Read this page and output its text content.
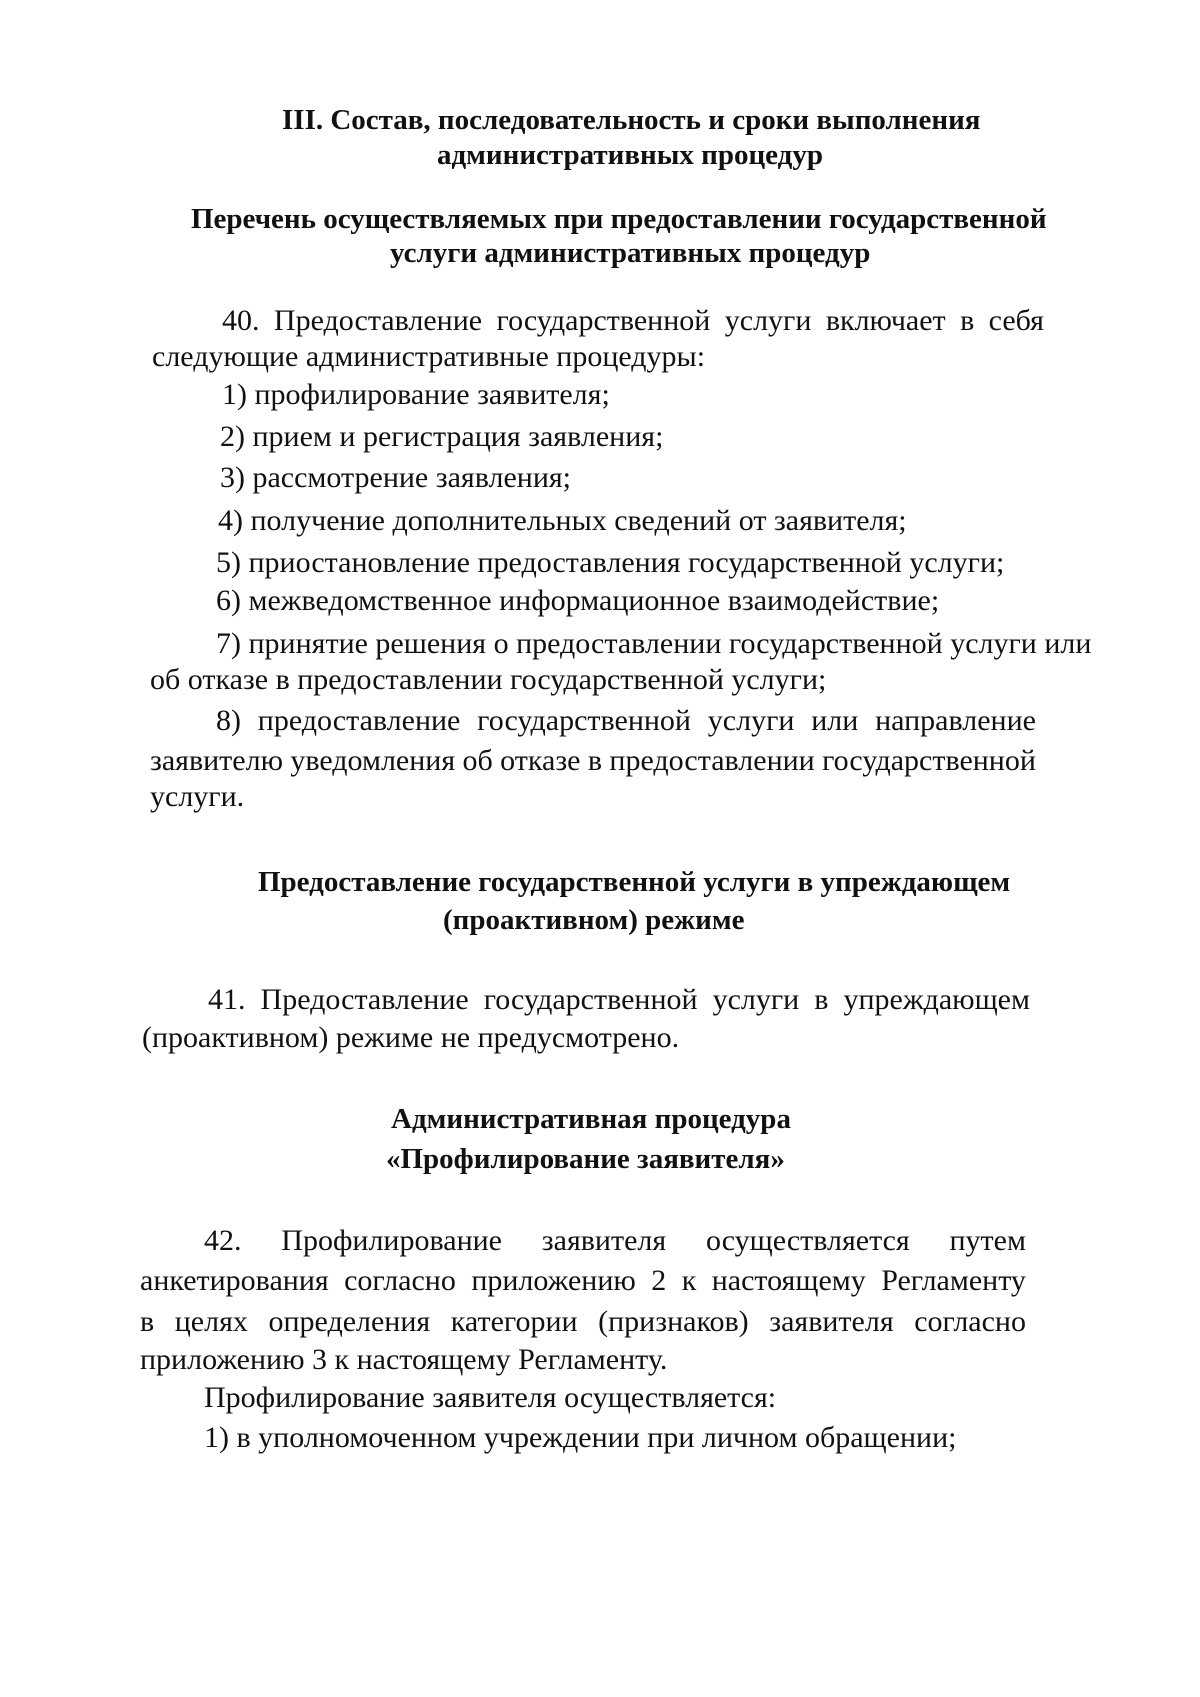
III. Состав, последовательность и сроки выполнения
административных процедур
Перечень осуществляемых при предоставлении государственной
услуги административных процедур
40. Предоставление государственной услуги включает в себя
следующие административные процедуры:
1) профилирование заявителя;
2) прием и регистрация заявления;
3) рассмотрение заявления;
4) получение дополнительных сведений от заявителя;
5) приостановление предоставления государственной услуги;
6) межведомственное информационное взаимодействие;
7) принятие решения о предоставлении государственной услуги или
об отказе в предоставлении государственной услуги;
8) предоставление государственной услуги или направление
заявителю уведомления об отказе в предоставлении государственной
услуги.
Предоставление государственной услуги в упреждающем
(проактивном) режиме
41. Предоставление государственной услуги в упреждающем
(проактивном) режиме не предусмотрено.
Административная процедура
«Профилирование заявителя»
42. Профилирование заявителя осуществляется путем
анкетирования согласно приложению 2 к настоящему Регламенту
в целях определения категории (признаков) заявителя согласно
приложению 3 к настоящему Регламенту.
Профилирование заявителя осуществляется:
1) в уполномоченном учреждении при личном обращении;
